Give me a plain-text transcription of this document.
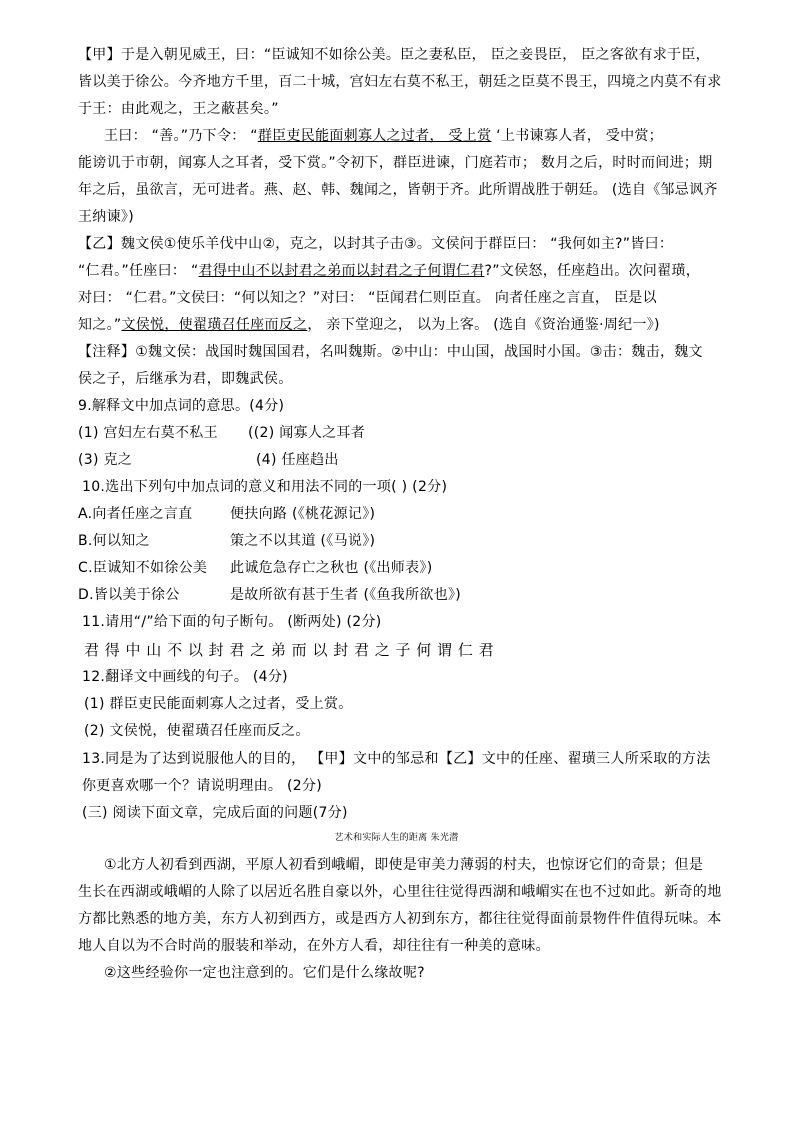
【甲】于是入朝见威王，曰：“臣诚知不如徐公美。臣之妻私臣， 臣之妾畏臣， 臣之客欲有求于臣，
皆以美于徐公。今齐地方千里，百二十城，宫妇左右莫不私王，朝廷之臣莫不畏王，四境之内莫不有求
于王：由此观之，王之蔽甚矣。”
王曰： “善。”乃下令： “群臣吏民能面刺寡人之过者， 受上赏 ‘上书谏寡人者， 受中赏；
能谤讥于市朝，闻寡人之耳者，受下赏。”令初下，群臣进谏，门庭若市； 数月之后，时时而间进；期
年之后，虽欲言，无可进者。燕、赵、韩、魏闻之，皆朝于齐。此所谓战胜于朝廷。 (选自《邹忌讽齐
王纳谏》)
【乙】魏文侯①使乐羊伐中山②，克之，以封其子击③。文侯问于群臣曰： “我何如主?”皆曰：
“仁君。”任座曰： “君得中山不以封君之弟而以封君之子何谓仁君?”文侯怒，任座趋出。次问翟璜，
对曰： “仁君。”文侯曰：“何以知之？”对曰： “臣闻君仁则臣直。 向者任座之言直， 臣是以
知之。”文侯悦，使翟璜召任座而反之， 亲下堂迎之， 以为上客。 (选自《资治通鉴·周纪一》)
【注释】①魏文侯：战国时魏国国君，名叫魏斯。②中山：中山国，战国时小国。③击：魏击，魏文
侯之子，后继承为君，即魏武侯。
9.解释文中加点词的意思。(4分)
(1) 宫妇左右莫不私王 ((2) 闻寡人之耳者
(3) 克之	(4) 任座趋出
10.选出下列句中加点词的意义和用法不同的一项( ) (2分)
A.向者任座之言直	便扶向路 (《桃花源记》)
B.何以知之	策之不以其道 (《马说》)
C.臣诚知不如徐公美 此诚危急存亡之秋也 (《出师表》)
D.皆以美于徐公	是故所欲有甚于生者 (《鱼我所欲也》)
11.请用“/”给下面的句子断句。 (断两处) (2分)
君 得 中 山 不 以 封 君 之 弟 而 以 封 君 之 子 何 谓 仁 君
12.翻译文中画线的句子。 (4分)
(1) 群臣吏民能面刺寡人之过者，受上赏。
(2) 文侯悦，使翟璜召任座而反之。
13.同是为了达到说服他人的目的， 【甲】文中的邹忌和【乙】文中的任座、翟璜三人所采取的方法
你更喜欢哪一个？请说明理由。 (2分)
(三) 阅读下面文章，完成后面的问题(7分)
艺术和实际人生的距离 朱光潜
①北方人初看到西湖，平原人初看到峨嵋，即使是审美力薄弱的村夫，也惊讶它们的奇景；但是
生长在西湖或峨嵋的人除了以居近名胜自豪以外，心里往往觉得西湖和峨嵋实在也不过如此。新奇的地
方都比熟悉的地方美，东方人初到西方，或是西方人初到东方，都往往觉得面前景物件件值得玩味。本
地人自以为不合时尚的服装和举动，在外方人看，却往往有一种美的意味。
②这些经验你一定也注意到的。它们是什么缘故呢?
